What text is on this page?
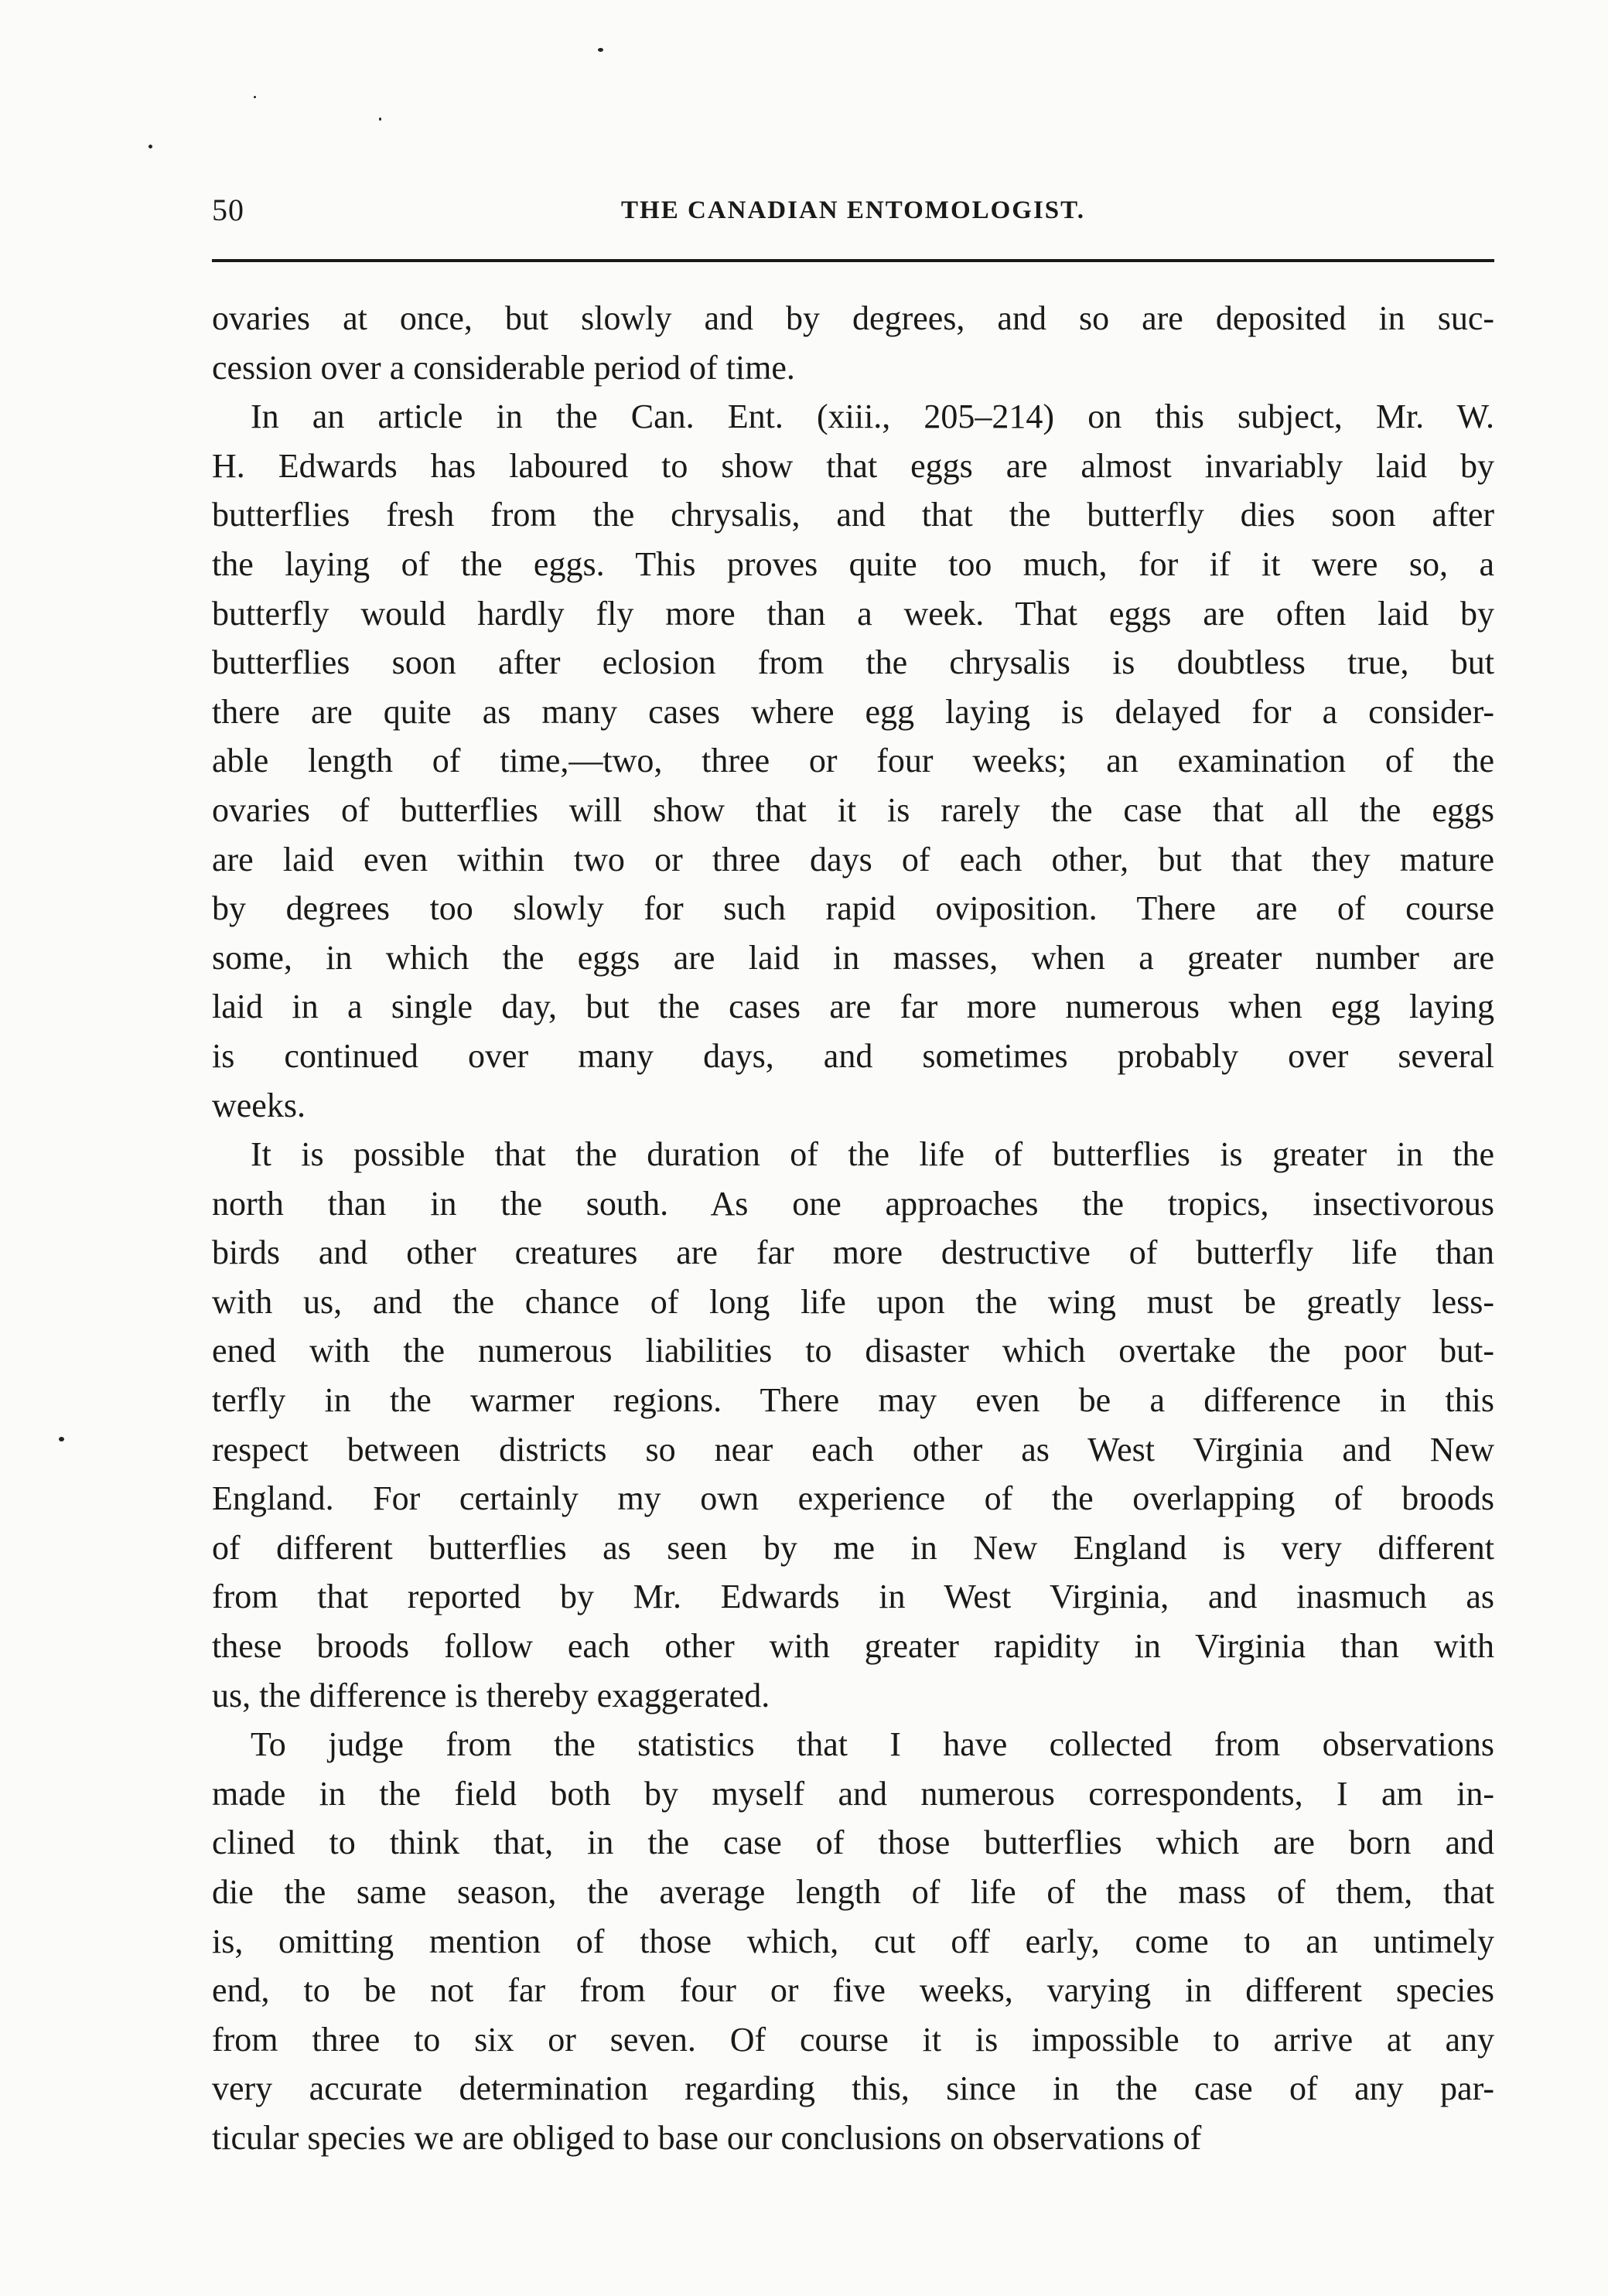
50	THE CANADIAN ENTOMOLOGIST.

ovaries at once, but slowly and by degrees, and so are deposited in suc-
cession over a considerable period of time.

In an article in the Can. Ent. (xiii., 205–214) on this subject, Mr. W.
H. Edwards has laboured to show that eggs are almost invariably laid by
butterflies fresh from the chrysalis, and that the butterfly dies soon after
the laying of the eggs. This proves quite too much, for if it were so, a
butterfly would hardly fly more than a week. That eggs are often laid by
butterflies soon after eclosion from the chrysalis is doubtless true, but
there are quite as many cases where egg laying is delayed for a consider-
able length of time,—two, three or four weeks; an examination of the
ovaries of butterflies will show that it is rarely the case that all the eggs
are laid even within two or three days of each other, but that they mature
by degrees too slowly for such rapid oviposition. There are of course
some, in which the eggs are laid in masses, when a greater number are
laid in a single day, but the cases are far more numerous when egg laying
is continued over many days, and sometimes probably over several
weeks.

It is possible that the duration of the life of butterflies is greater in the
north than in the south. As one approaches the tropics, insectivorous
birds and other creatures are far more destructive of butterfly life than
with us, and the chance of long life upon the wing must be greatly less-
ened with the numerous liabilities to disaster which overtake the poor but-
terfly in the warmer regions. There may even be a difference in this
respect between districts so near each other as West Virginia and New
England. For certainly my own experience of the overlapping of broods
of different butterflies as seen by me in New England is very different
from that reported by Mr. Edwards in West Virginia, and inasmuch as
these broods follow each other with greater rapidity in Virginia than with
us, the difference is thereby exaggerated.

To judge from the statistics that I have collected from observations
made in the field both by myself and numerous correspondents, I am in-
clined to think that, in the case of those butterflies which are born and
die the same season, the average length of life of the mass of them, that
is, omitting mention of those which, cut off early, come to an untimely
end, to be not far from four or five weeks, varying in different species
from three to six or seven. Of course it is impossible to arrive at any
very accurate determination regarding this, since in the case of any par-
ticular species we are obliged to base our conclusions on observations of
